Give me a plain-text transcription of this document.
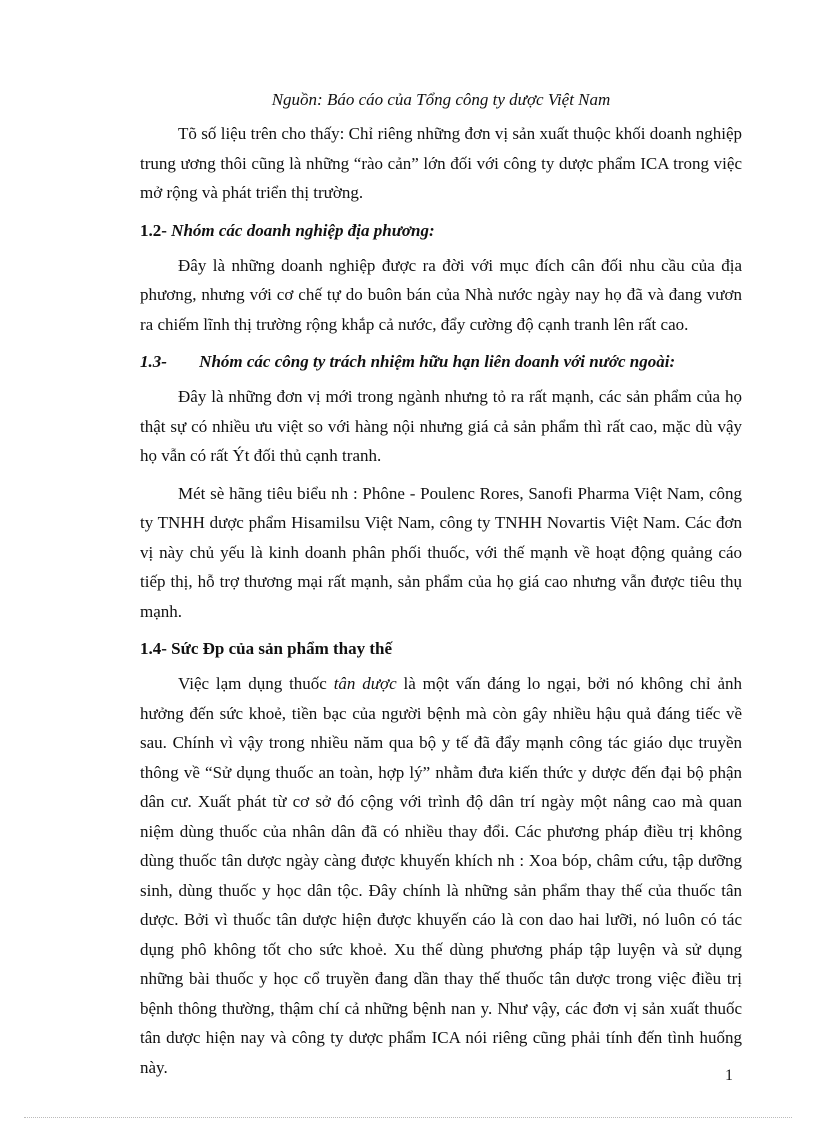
Nguồn: Báo cáo của Tổng công ty dược Việt Nam

Tõ số liệu trên cho thấy: Chỉ riêng những đơn vị sản xuất thuộc khối doanh nghiệp trung ương thôi cũng là những “rào cản” lớn đối với công ty dược phẩm ICA trong việc mở rộng và phát triển thị trường.

1.2- Nhóm các doanh nghiệp địa phương:

Đây là những doanh nghiệp được ra đời với mục đích cân đối nhu cầu của địa phương, nhưng với cơ chế tự do buôn bán của Nhà nước ngày nay họ đã và đang vươn ra chiếm lĩnh thị trường rộng khắp cả nước, đẩy cường độ cạnh tranh lên rất cao.

1.3- Nhóm các công ty trách nhiệm hữu hạn liên doanh với nước ngoài:

Đây là những đơn vị mới trong ngành nhưng tỏ ra rất mạnh, các sản phẩm của họ thật sự có nhiều ưu việt so với hàng nội nhưng giá cả sản phẩm thì rất cao, mặc dù vậy họ vẫn có rất Ýt đối thủ cạnh tranh.

Mét sè hãng tiêu biểu nh : Phône - Poulenc Rores, Sanofi Pharma Việt Nam, công ty TNHH dược phẩm Hisamilsu Việt Nam, công ty TNHH Novartis Việt Nam. Các đơn vị này chủ yếu là kinh doanh phân phối thuốc, với thế mạnh về hoạt động quảng cáo tiếp thị, hỗ trợ thương mại rất mạnh, sản phẩm của họ giá cao nhưng vẫn được tiêu thụ mạnh.

1.4- Sức Ðp của sản phẩm thay thế

Việc lạm dụng thuốc tân dược là một vấn đáng lo ngại, bởi nó không chỉ ảnh hưởng đến sức khoẻ, tiền bạc của người bệnh mà còn gây nhiều hậu quả đáng tiếc về sau. Chính vì vậy trong nhiều năm qua bộ y tế đã đẩy mạnh công tác giáo dục truyền thông về “Sử dụng thuốc an toàn, hợp lý” nhằm đưa kiến thức y dược đến đại bộ phận dân cư. Xuất phát từ cơ sở đó cộng với trình độ dân trí ngày một nâng cao mà quan niệm dùng thuốc của nhân dân đã có nhiều thay đổi. Các phương pháp điều trị không dùng thuốc tân dược ngày càng được khuyến khích nh : Xoa bóp, châm cứu, tập dưỡng sinh, dùng thuốc y học dân tộc. Đây chính là những sản phẩm thay thế của thuốc tân dược. Bởi vì thuốc tân dược hiện được khuyến cáo là con dao hai lưỡi, nó luôn có tác dụng phô không tốt cho sức khoẻ. Xu thế dùng phương pháp tập luyện và sử dụng những bài thuốc y học cổ truyền đang dần thay thế thuốc tân dược trong việc điều trị bệnh thông thường, thậm chí cả những bệnh nan y. Như vậy, các đơn vị sản xuất thuốc tân dược hiện nay và công ty dược phẩm ICA nói riêng cũng phải tính đến tình huống này.	1
